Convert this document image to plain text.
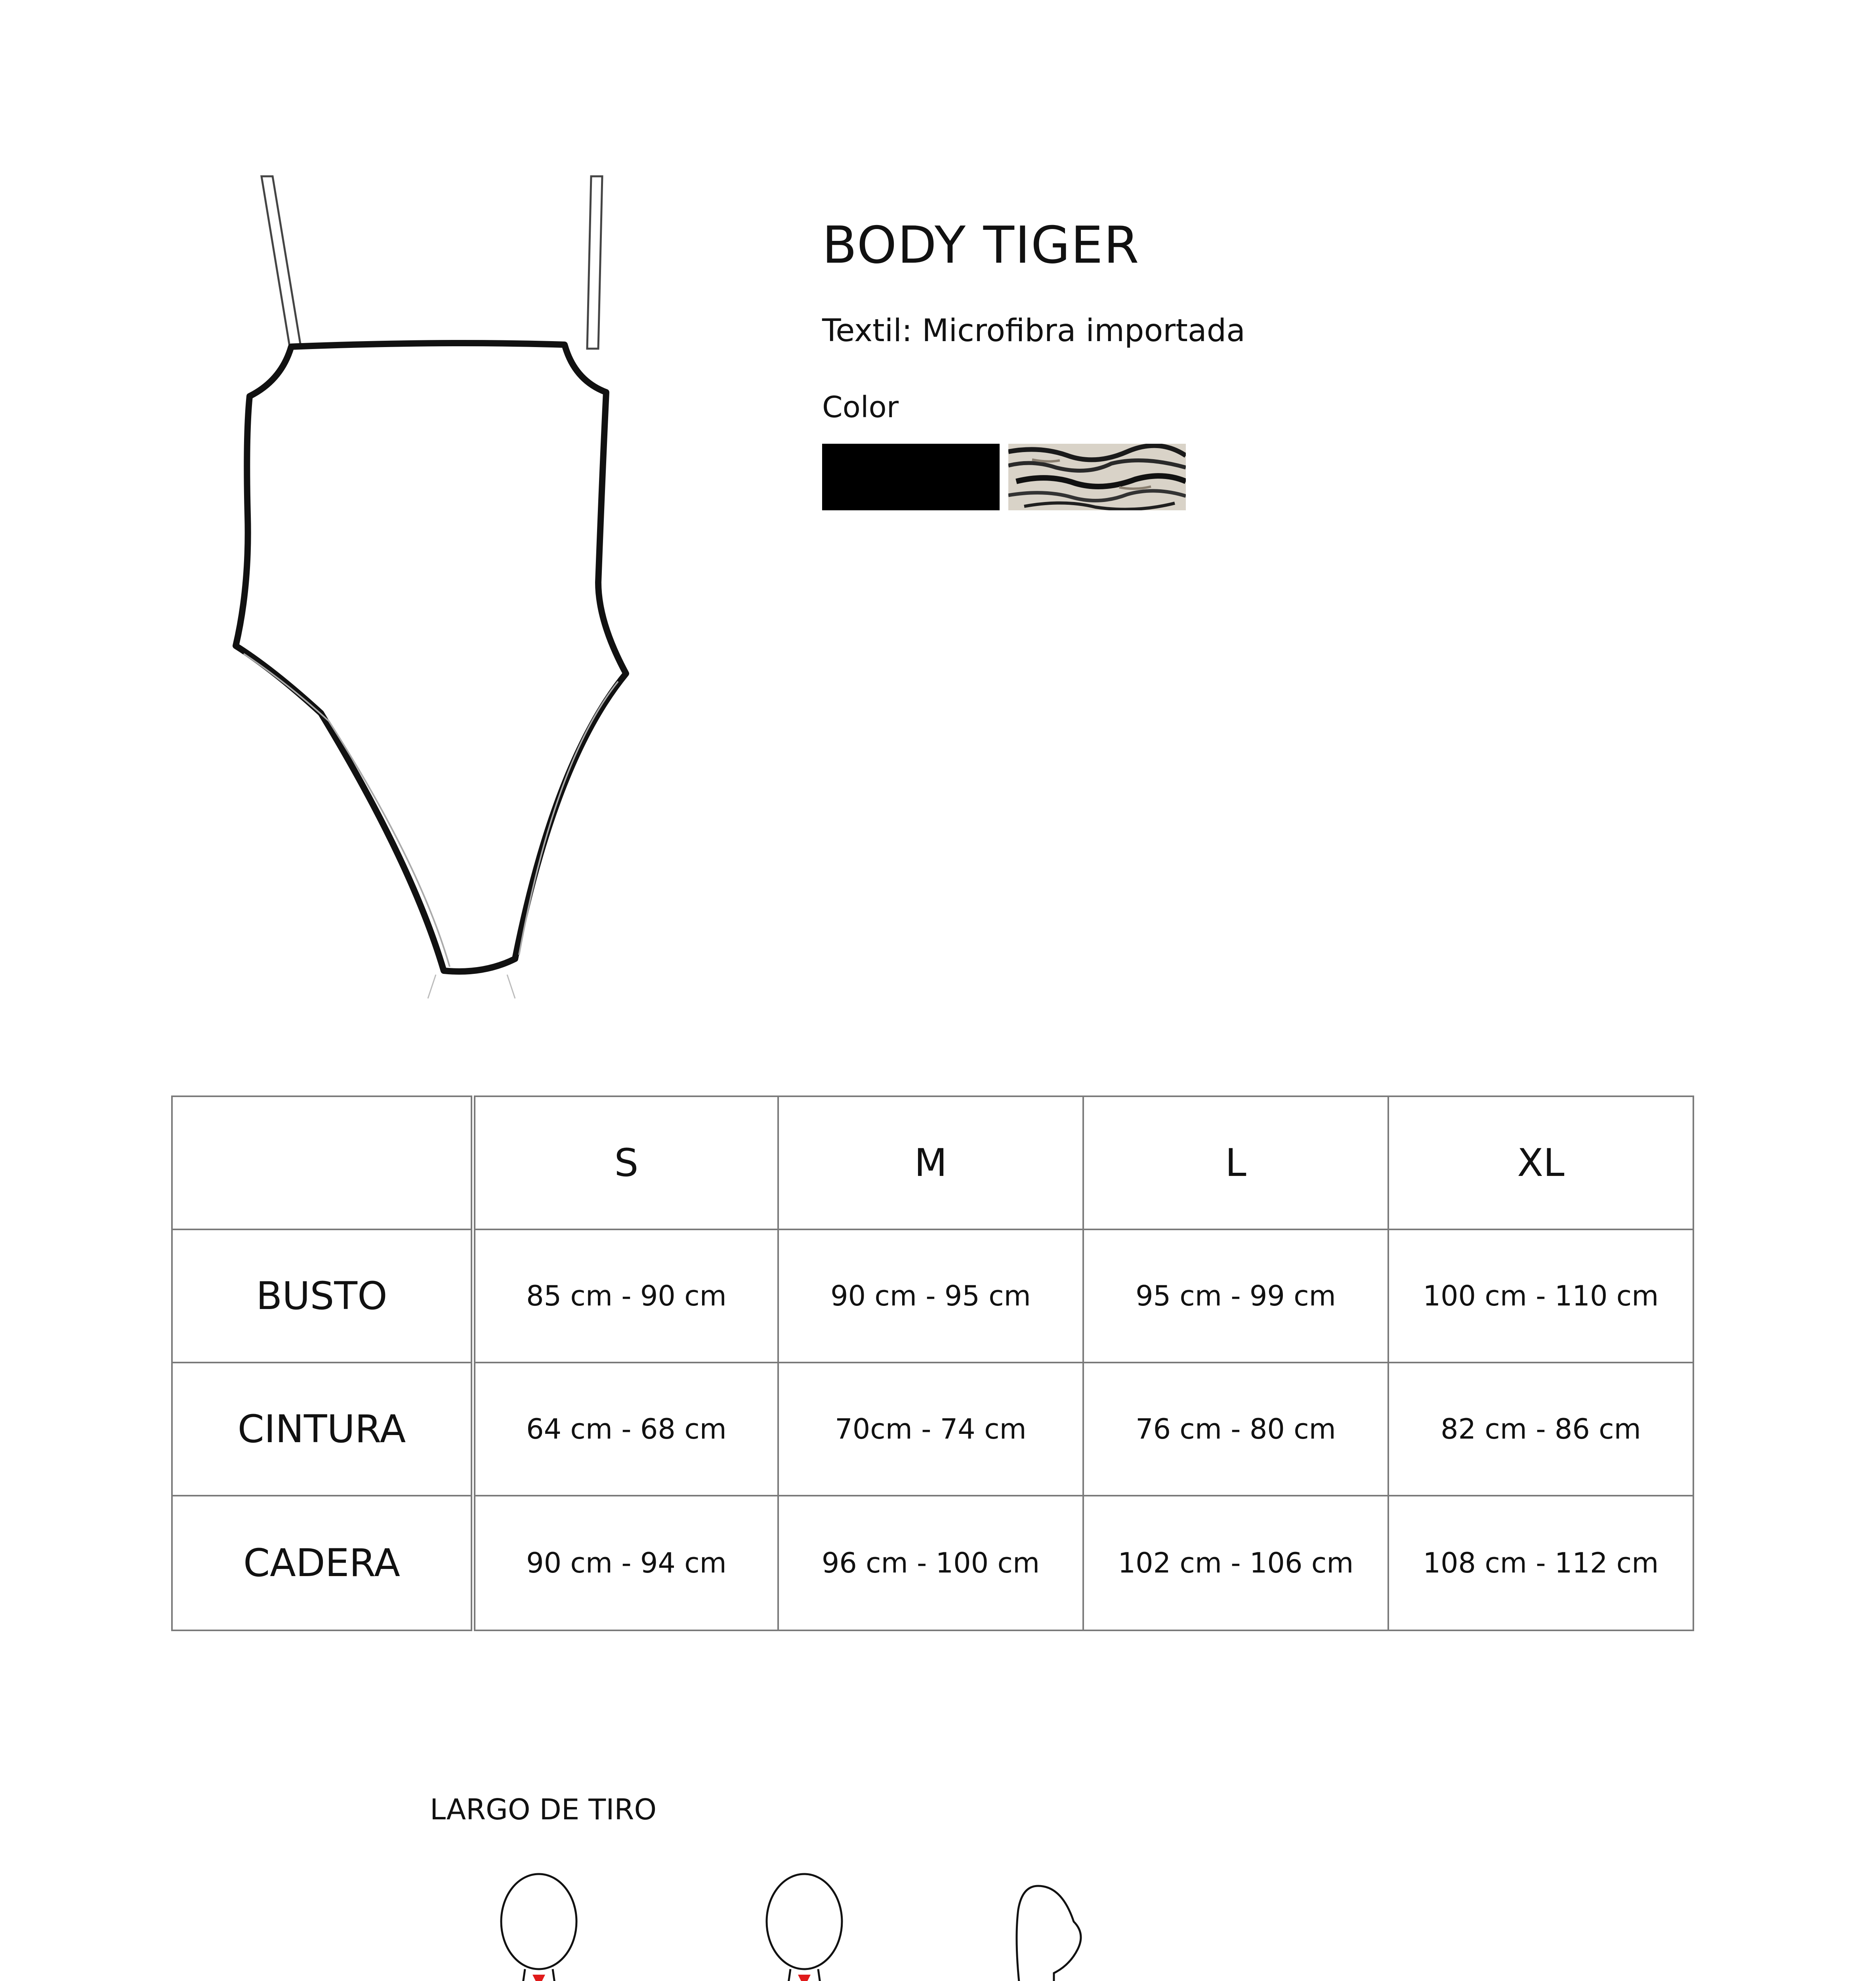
BODY TIGER
Textil: Microfibra importada
Color
	S	M	L	XL
BUSTO	85 cm - 90 cm	90 cm - 95 cm	95 cm - 99 cm	100 cm - 110 cm
CINTURA	64 cm - 68 cm	70cm - 74 cm	76 cm - 80 cm	82 cm - 86 cm
CADERA	90 cm - 94 cm	96 cm - 100 cm	102 cm - 106 cm	108 cm - 112 cm
LARGO DE TIRO
